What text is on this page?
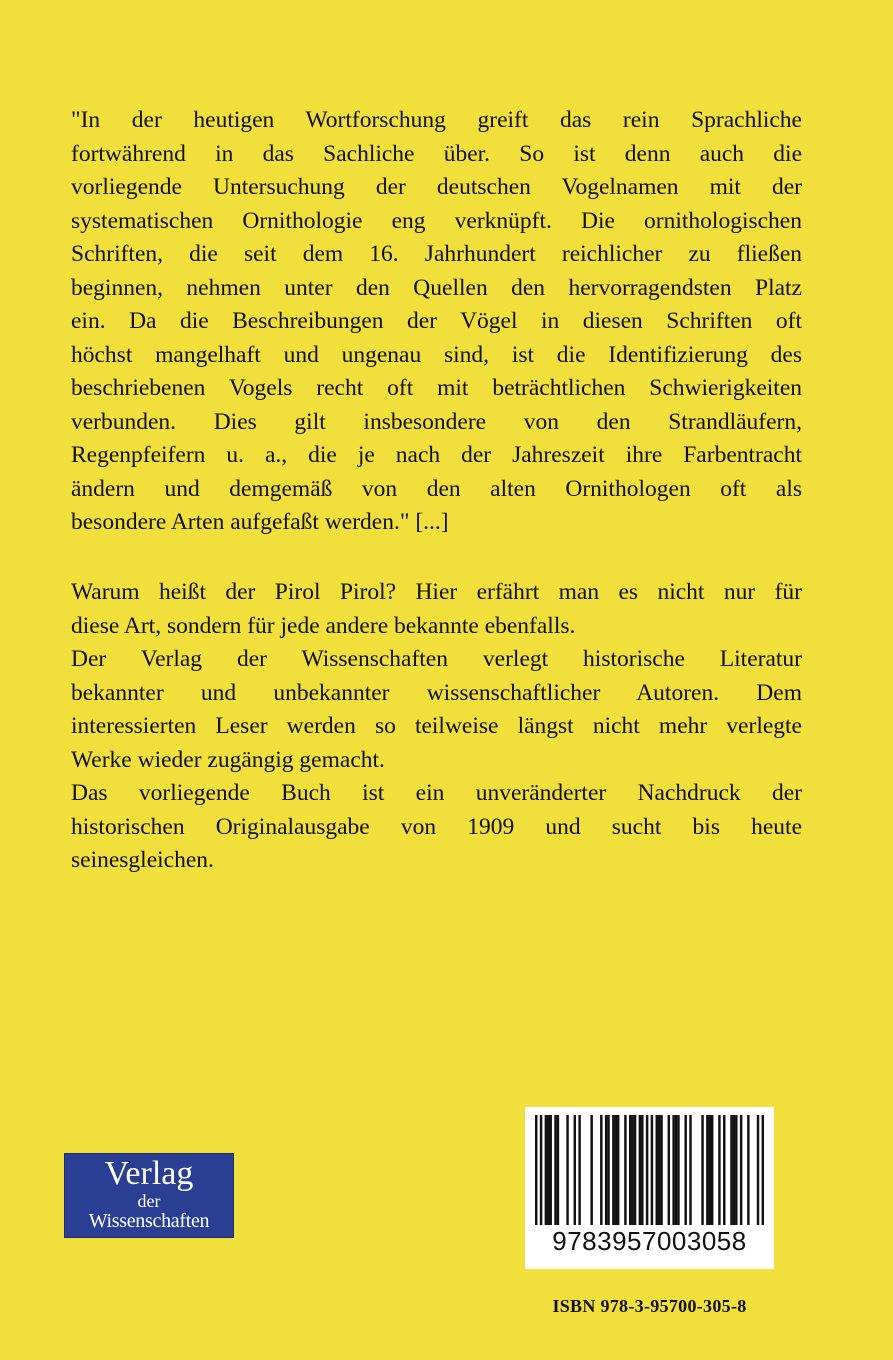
"In der heutigen Wortforschung greift das rein Sprachliche
fortwährend in das Sachliche über. So ist denn auch die
vorliegende Untersuchung der deutschen Vogelnamen mit der
systematischen Ornithologie eng verknüpft. Die ornithologischen
Schriften, die seit dem 16. Jahrhundert reichlicher zu fließen
beginnen, nehmen unter den Quellen den hervorragendsten Platz
ein. Da die Beschreibungen der Vögel in diesen Schriften oft
höchst mangelhaft und ungenau sind, ist die Identifizierung des
beschriebenen Vogels recht oft mit beträchtlichen Schwierigkeiten
verbunden. Dies gilt insbesondere von den Strandläufern,
Regenpfeifern u. a., die je nach der Jahreszeit ihre Farbentracht
ändern und demgemäß von den alten Ornithologen oft als
besondere Arten aufgefaßt werden." [...]

Warum heißt der Pirol Pirol? Hier erfährt man es nicht nur für
diese Art, sondern für jede andere bekannte ebenfalls.

Der Verlag der Wissenschaften verlegt historische Literatur
bekannter und unbekannter wissenschaftlicher Autoren. Dem
interessierten Leser werden so teilweise längst nicht mehr verlegte
Werke wieder zugängig gemacht.

Das vorliegende Buch ist ein unveränderter Nachdruck der
historischen Originalausgabe von 1909 und sucht bis heute
seinesgleichen.

Verlag
der
Wissenschaften
9783957003058
ISBN 978-3-95700-305-8
